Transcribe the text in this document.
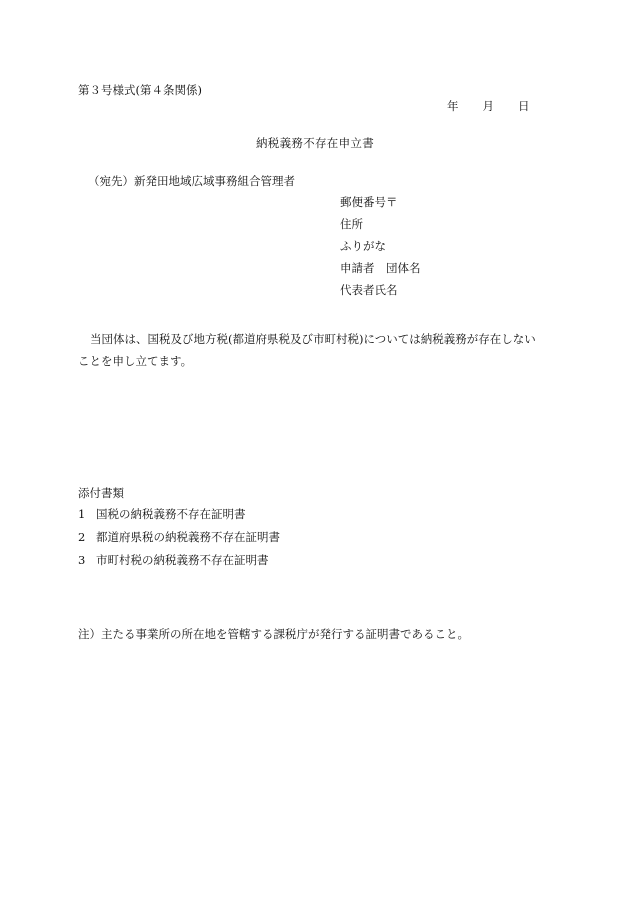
第３号様式(第４条関係)
年 月 日
納税義務不存在申立書
（宛先）新発田地域広域事務組合管理者
郵便番号〒
住所
ふりがな
申請者　団体名
代表者氏名
当団体は、国税及び地方税(都道府県税及び市町村税)については納税義務が存在しない
ことを申し立てます。
添付書類
1 国税の納税義務不存在証明書
2 都道府県税の納税義務不存在証明書
3 市町村税の納税義務不存在証明書
注）主たる事業所の所在地を管轄する課税庁が発行する証明書であること。
